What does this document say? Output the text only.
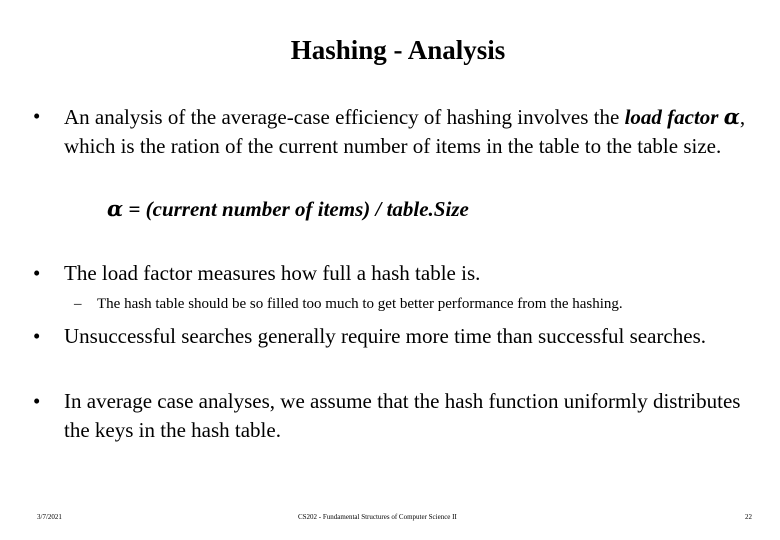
Hashing - Analysis
• An analysis of the average-case efficiency of hashing involves the load factor α, which is the ration of the current number of items in the table to the table size.
α = (current number of items) / table.Size
• The load factor measures how full a hash table is.
– The hash table should be so filled too much to get better performance from the hashing.
• Unsuccessful searches generally require more time than successful searches.
• In average case analyses, we assume that the hash function uniformly distributes the keys in the hash table.
3/7/2021	CS202 - Fundamental Structures of Computer Science II	22
